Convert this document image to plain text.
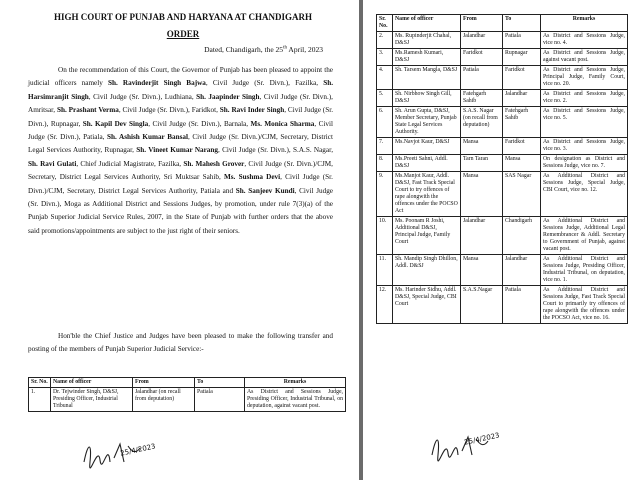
HIGH COURT OF PUNJAB AND HARYANA AT CHANDIGARH
ORDER
Dated, Chandigarh, the 25th April, 2023
On the recommendation of this Court, the Governor of Punjab has been pleased to appoint the judicial officers namely Sh. Ravinderjit Singh Bajwa, Civil Judge (Sr. Divn.), Fazilka, Sh. Harsimranjit Singh, Civil Judge (Sr. Divn.), Ludhiana, Sh. Jaapinder Singh, Civil Judge (Sr. Divn.), Amritsar, Sh. Prashant Verma, Civil Judge (Sr. Divn.), Faridkot, Sh. Ravi Inder Singh, Civil Judge (Sr. Divn.), Rupnagar, Sh. Kapil Dev Singla, Civil Judge (Sr. Divn.), Barnala, Ms. Monica Sharma, Civil Judge (Sr. Divn.), Patiala, Sh. Ashish Kumar Bansal, Civil Judge (Sr. Divn.)/CJM, Secretary, District Legal Services Authority, Rupnagar, Sh. Vineet Kumar Narang, Civil Judge (Sr. Divn.), S.A.S. Nagar, Sh. Ravi Gulati, Chief Judicial Magistrate, Fazilka, Sh. Mahesh Grover, Civil Judge (Sr. Divn.)/CJM, Secretary, District Legal Services Authority, Sri Muktsar Sahib, Ms. Sushma Devi, Civil Judge (Sr. Divn.)/CJM, Secretary, District Legal Services Authority, Patiala and Sh. Sanjeev Kundi, Civil Judge (Sr. Divn.), Moga as Additional District and Sessions Judges, by promotion, under rule 7(3)(a) of the Punjab Superior Judicial Service Rules, 2007, in the State of Punjab with further orders that the above said promotions/appointments are subject to the just right of their seniors.
Hon'ble the Chief Justice and Judges have been pleased to make the following transfer and posting of the members of Punjab Superior Judicial Service:-
Sr. No.	Name of officer	From	To	Remarks
1.	Dr. Tejwinder Singh, D&SJ, Presiding Officer, Industrial Tribunal	Jalandhar (on recall from deputation)	Patiala	As District and Sessions Judge, Presiding Officer, Industrial Tribunal, on deputation, against vacant post.
25/4/2023
Sr. No.	Name of officer	From	To	Remarks
2.	Ms. Rupinderjit Chahal, D&SJ	Jalandhar	Patiala	As District and Sessions Judge, vice no. 4.
3.	Ms.Ramesh Kumari, D&SJ	Faridkot	Rupnagar	As District and Sessions Judge, against vacant post.
4.	Sh. Tarsem Mangla, D&SJ	Patiala	Faridkot	As District and Sessions Judge, Principal Judge, Family Court, vice no. 20.
5.	Sh. Nirbhow Singh Gill, D&SJ	Fatehgarh Sahib	Jalandhar	As District and Sessions Judge, vice no. 2.
6.	Sh. Arun Gupta, D&SJ, Member Secretary, Punjab State Legal Services Authority.	S.A.S. Nagar (on recall from deputation)	Fatehgarh Sahib	As District and Sessions Judge, vice no. 5.
7.	Ms.Navjot Kaur, D&SJ	Mansa	Faridkot	As District and Sessions Judge, vice no. 3.
8.	Ms.Preeti Sahni, Addl. D&SJ	Tarn Taran	Mansa	On designation as District and Sessions Judge, vice no. 7.
9.	Ms.Manjot Kaur, Addl. D&SJ, Fast Track Special Court to try offences of rape alongwith the offences under the POCSO Act	Mansa	SAS Nagar	As Additional District and Sessions Judge, Special Judge, CBI Court, vice no. 12.
10.	Ms. Poonam R Joshi, Additional D&SJ, Principal Judge, Family Court	Jalandhar	Chandigarh	As Additional District and Sessions Judge, Additional Legal Remembrancer & Addl. Secretary to Government of Punjab, against vacant post.
11.	Sh. Mandip Singh Dhillon, Addl. D&SJ	Mansa	Jalandhar	As Additional District and Sessions Judge, Presiding Officer, Industrial Tribunal, on deputation, vice no. 1.
12.	Ms. Harinder Sidhu, Addl. D&SJ, Special Judge, CBI Court	S.A.S.Nagar	Patiala	As Additional District and Sessions Judge, Fast Track Special Court to primarily try offences of rape alongwith the offences under the POCSO Act, vice no. 16.
25/4/2023
